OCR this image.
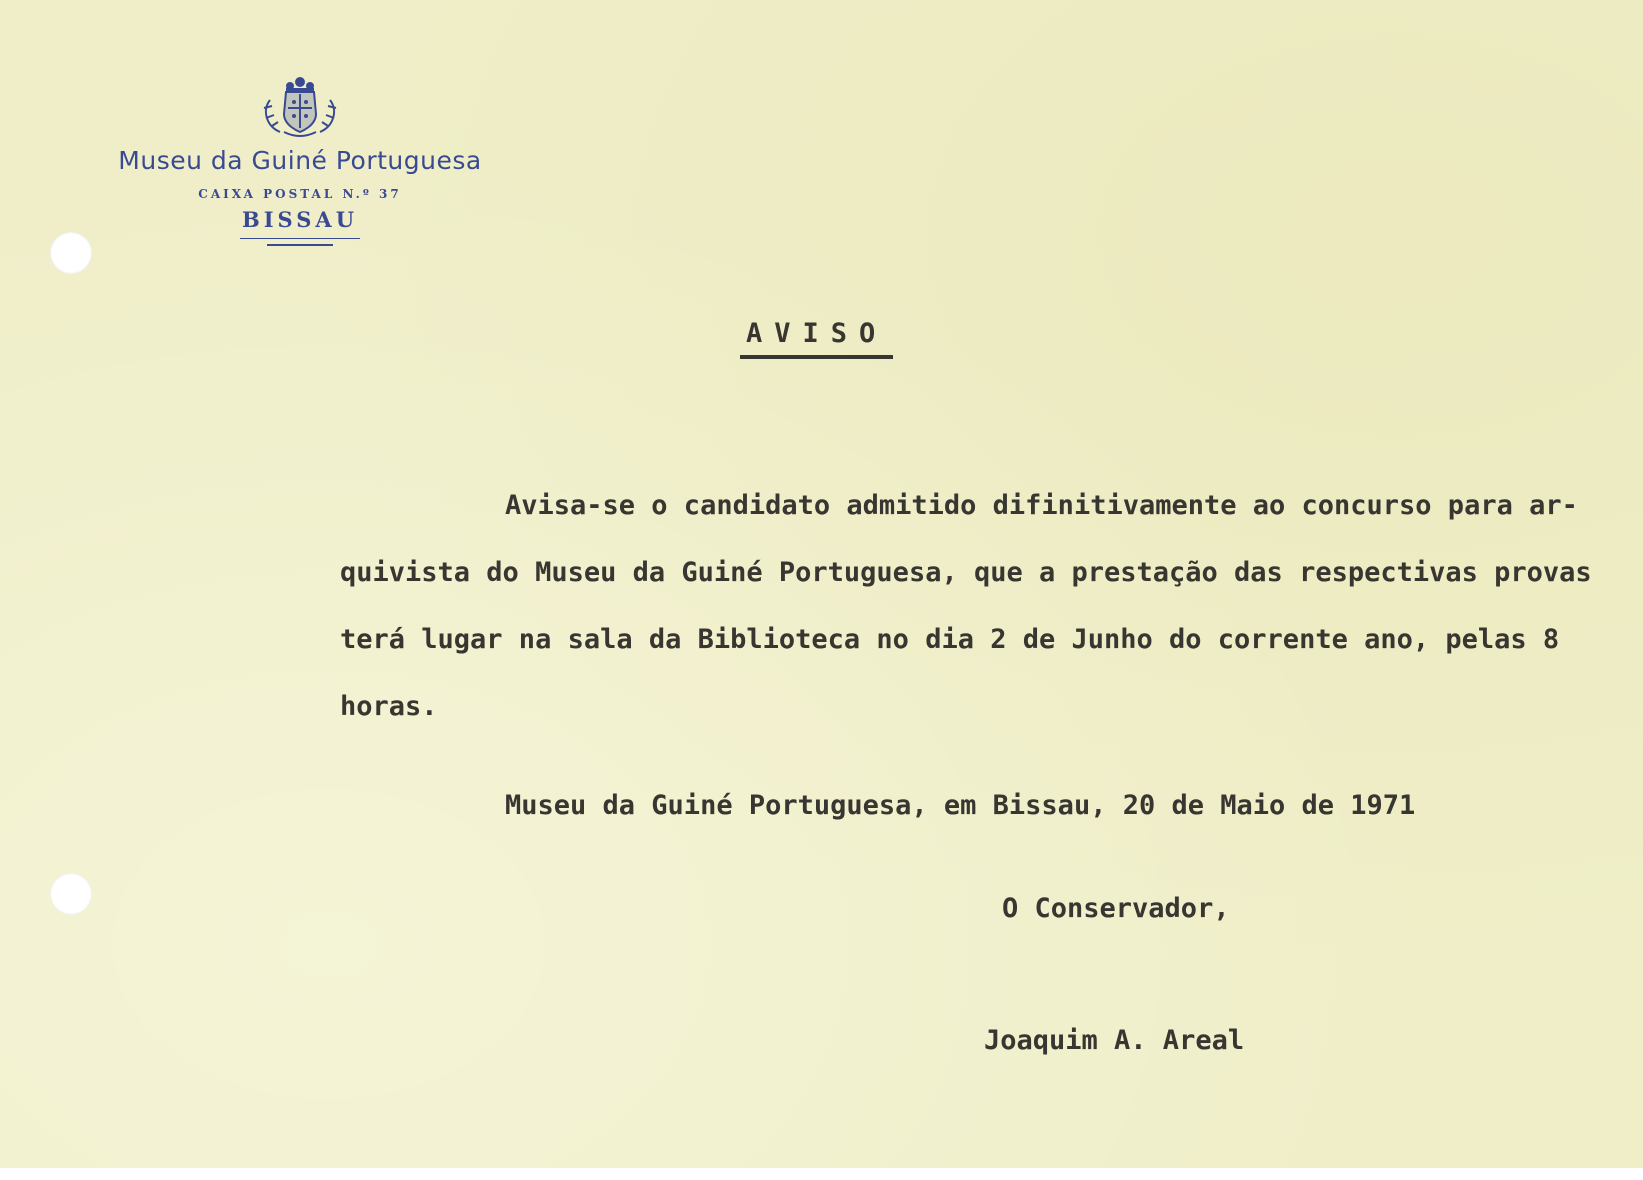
Museu da Guiné Portuguesa
CAIXA POSTAL N.º 37
BISSAU
AVISO
Avisa-se o candidato admitido difinitivamente ao concurso para ar-
quivista do Museu da Guiné Portuguesa, que a prestação das respectivas provas
terá lugar na sala da Biblioteca no dia 2 de Junho do corrente ano, pelas 8
horas.
Museu da Guiné Portuguesa, em Bissau, 20 de Maio de 1971
O Conservador,
Joaquim A. Areal
